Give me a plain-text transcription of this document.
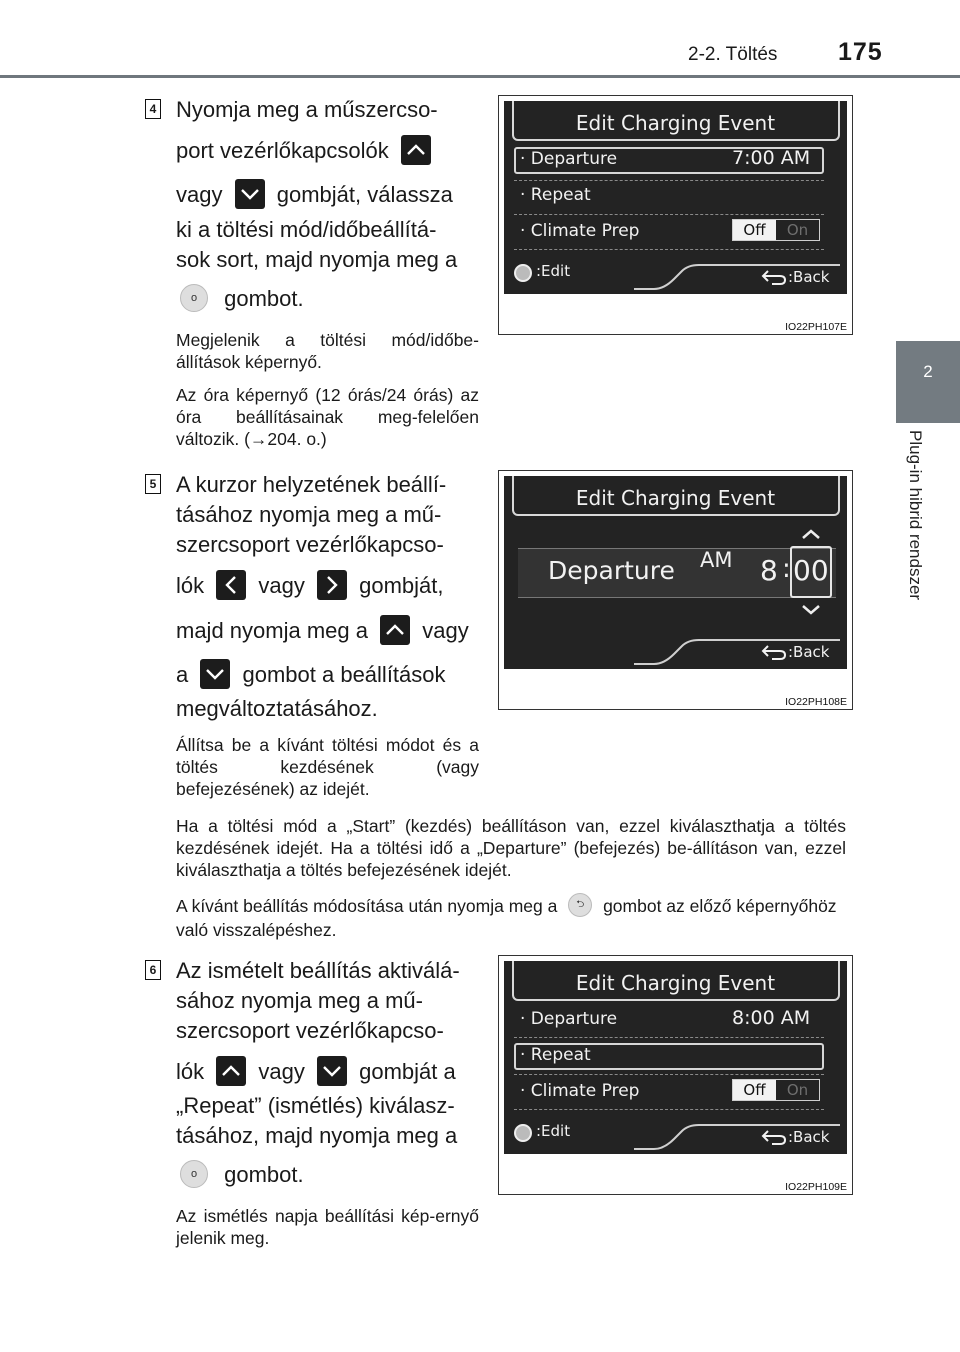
2-2. Töltés 175
2
Plug-in hibrid rendszer
4 Nyomja meg a műszercso-
port vezérlőkapcsolók
vagy gombját, válassza
ki a töltési mód/időbeállítá-
sok sort, majd nyomja meg a
o gombot.
Megjelenik a töltési mód/időbe-állítások képernyő.
Az óra képernyő (12 órás/24 órás) az óra beállításainak meg-felelően változik. (→204. o.)
Edit Charging Event
· Departure	7:00 AM
· Repeat
· Climate Prep	Off	On
:Edit	:Back
IO22PH107E
5 A kurzor helyzetének beállí-
tásához nyomja meg a mű-
szercsoport vezérlőkapcso-
lók vagy gombját,
majd nyomja meg a vagy
a gombot a beállítások
megváltoztatásához.
Állítsa be a kívánt töltési módot és a töltés kezdésének (vagy befejezésének) az idejét.
Ha a töltési mód a „Start” (kezdés) beállításon van, ezzel kiválaszthatja a töltés kezdésének idejét. Ha a töltési idő a „Departure” (befejezés) be-állításon van, ezzel kiválaszthatja a töltés befejezésének idejét.
A kívánt beállítás módosítása után nyomja meg a ⮌ gombot az előző képernyőhöz való visszalépéshez.
Edit Charging Event
Departure AM 8 : 00
:Back
IO22PH108E
6 Az ismételt beállítás aktiválá-
sához nyomja meg a mű-
szercsoport vezérlőkapcso-
lók vagy gombját a
„Repeat” (ismétlés) kiválasz-
tásához, majd nyomja meg a
o gombot.
Az ismétlés napja beállítási kép-ernyő jelenik meg.
Edit Charging Event
· Departure	8:00 AM
· Repeat
· Climate Prep	Off	On
:Edit	:Back
IO22PH109E
